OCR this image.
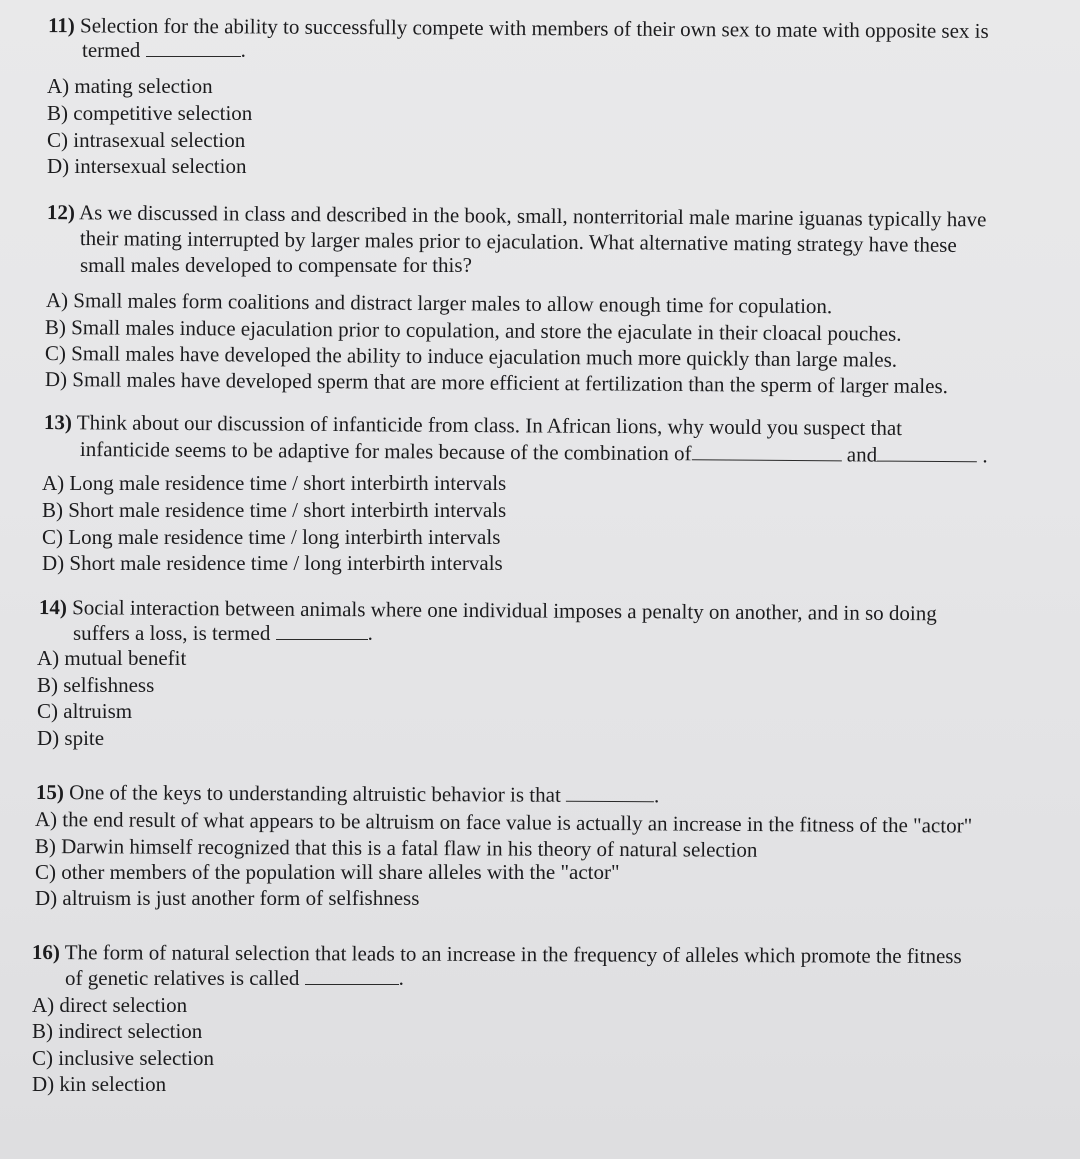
11) Selection for the ability to successfully compete with members of their own sex to mate with opposite sex is
termed	.
A) mating selection
B) competitive selection
C) intrasexual selection
D) intersexual selection
12) As we discussed in class and described in the book, small, nonterritorial male marine iguanas typically have
their mating interrupted by larger males prior to ejaculation. What alternative mating strategy have these
small males developed to compensate for this?
A) Small males form coalitions and distract larger males to allow enough time for copulation.
B) Small males induce ejaculation prior to copulation, and store the ejaculate in their cloacal pouches.
C) Small males have developed the ability to induce ejaculation much more quickly than large males.
D) Small males have developed sperm that are more efficient at fertilization than the sperm of larger males.
13) Think about our discussion of infanticide from class. In African lions, why would you suspect that
infanticide seems to be adaptive for males because of the combination of	and	.
A) Long male residence time / short interbirth intervals
B) Short male residence time / short interbirth intervals
C) Long male residence time / long interbirth intervals
D) Short male residence time / long interbirth intervals
14) Social interaction between animals where one individual imposes a penalty on another, and in so doing
suffers a loss, is termed	.
A) mutual benefit
B) selfishness
C) altruism
D) spite
15) One of the keys to understanding altruistic behavior is that	.
A) the end result of what appears to be altruism on face value is actually an increase in the fitness of the "actor"
B) Darwin himself recognized that this is a fatal flaw in his theory of natural selection
C) other members of the population will share alleles with the "actor"
D) altruism is just another form of selfishness
16) The form of natural selection that leads to an increase in the frequency of alleles which promote the fitness
of genetic relatives is called	.
A) direct selection
B) indirect selection
C) inclusive selection
D) kin selection
